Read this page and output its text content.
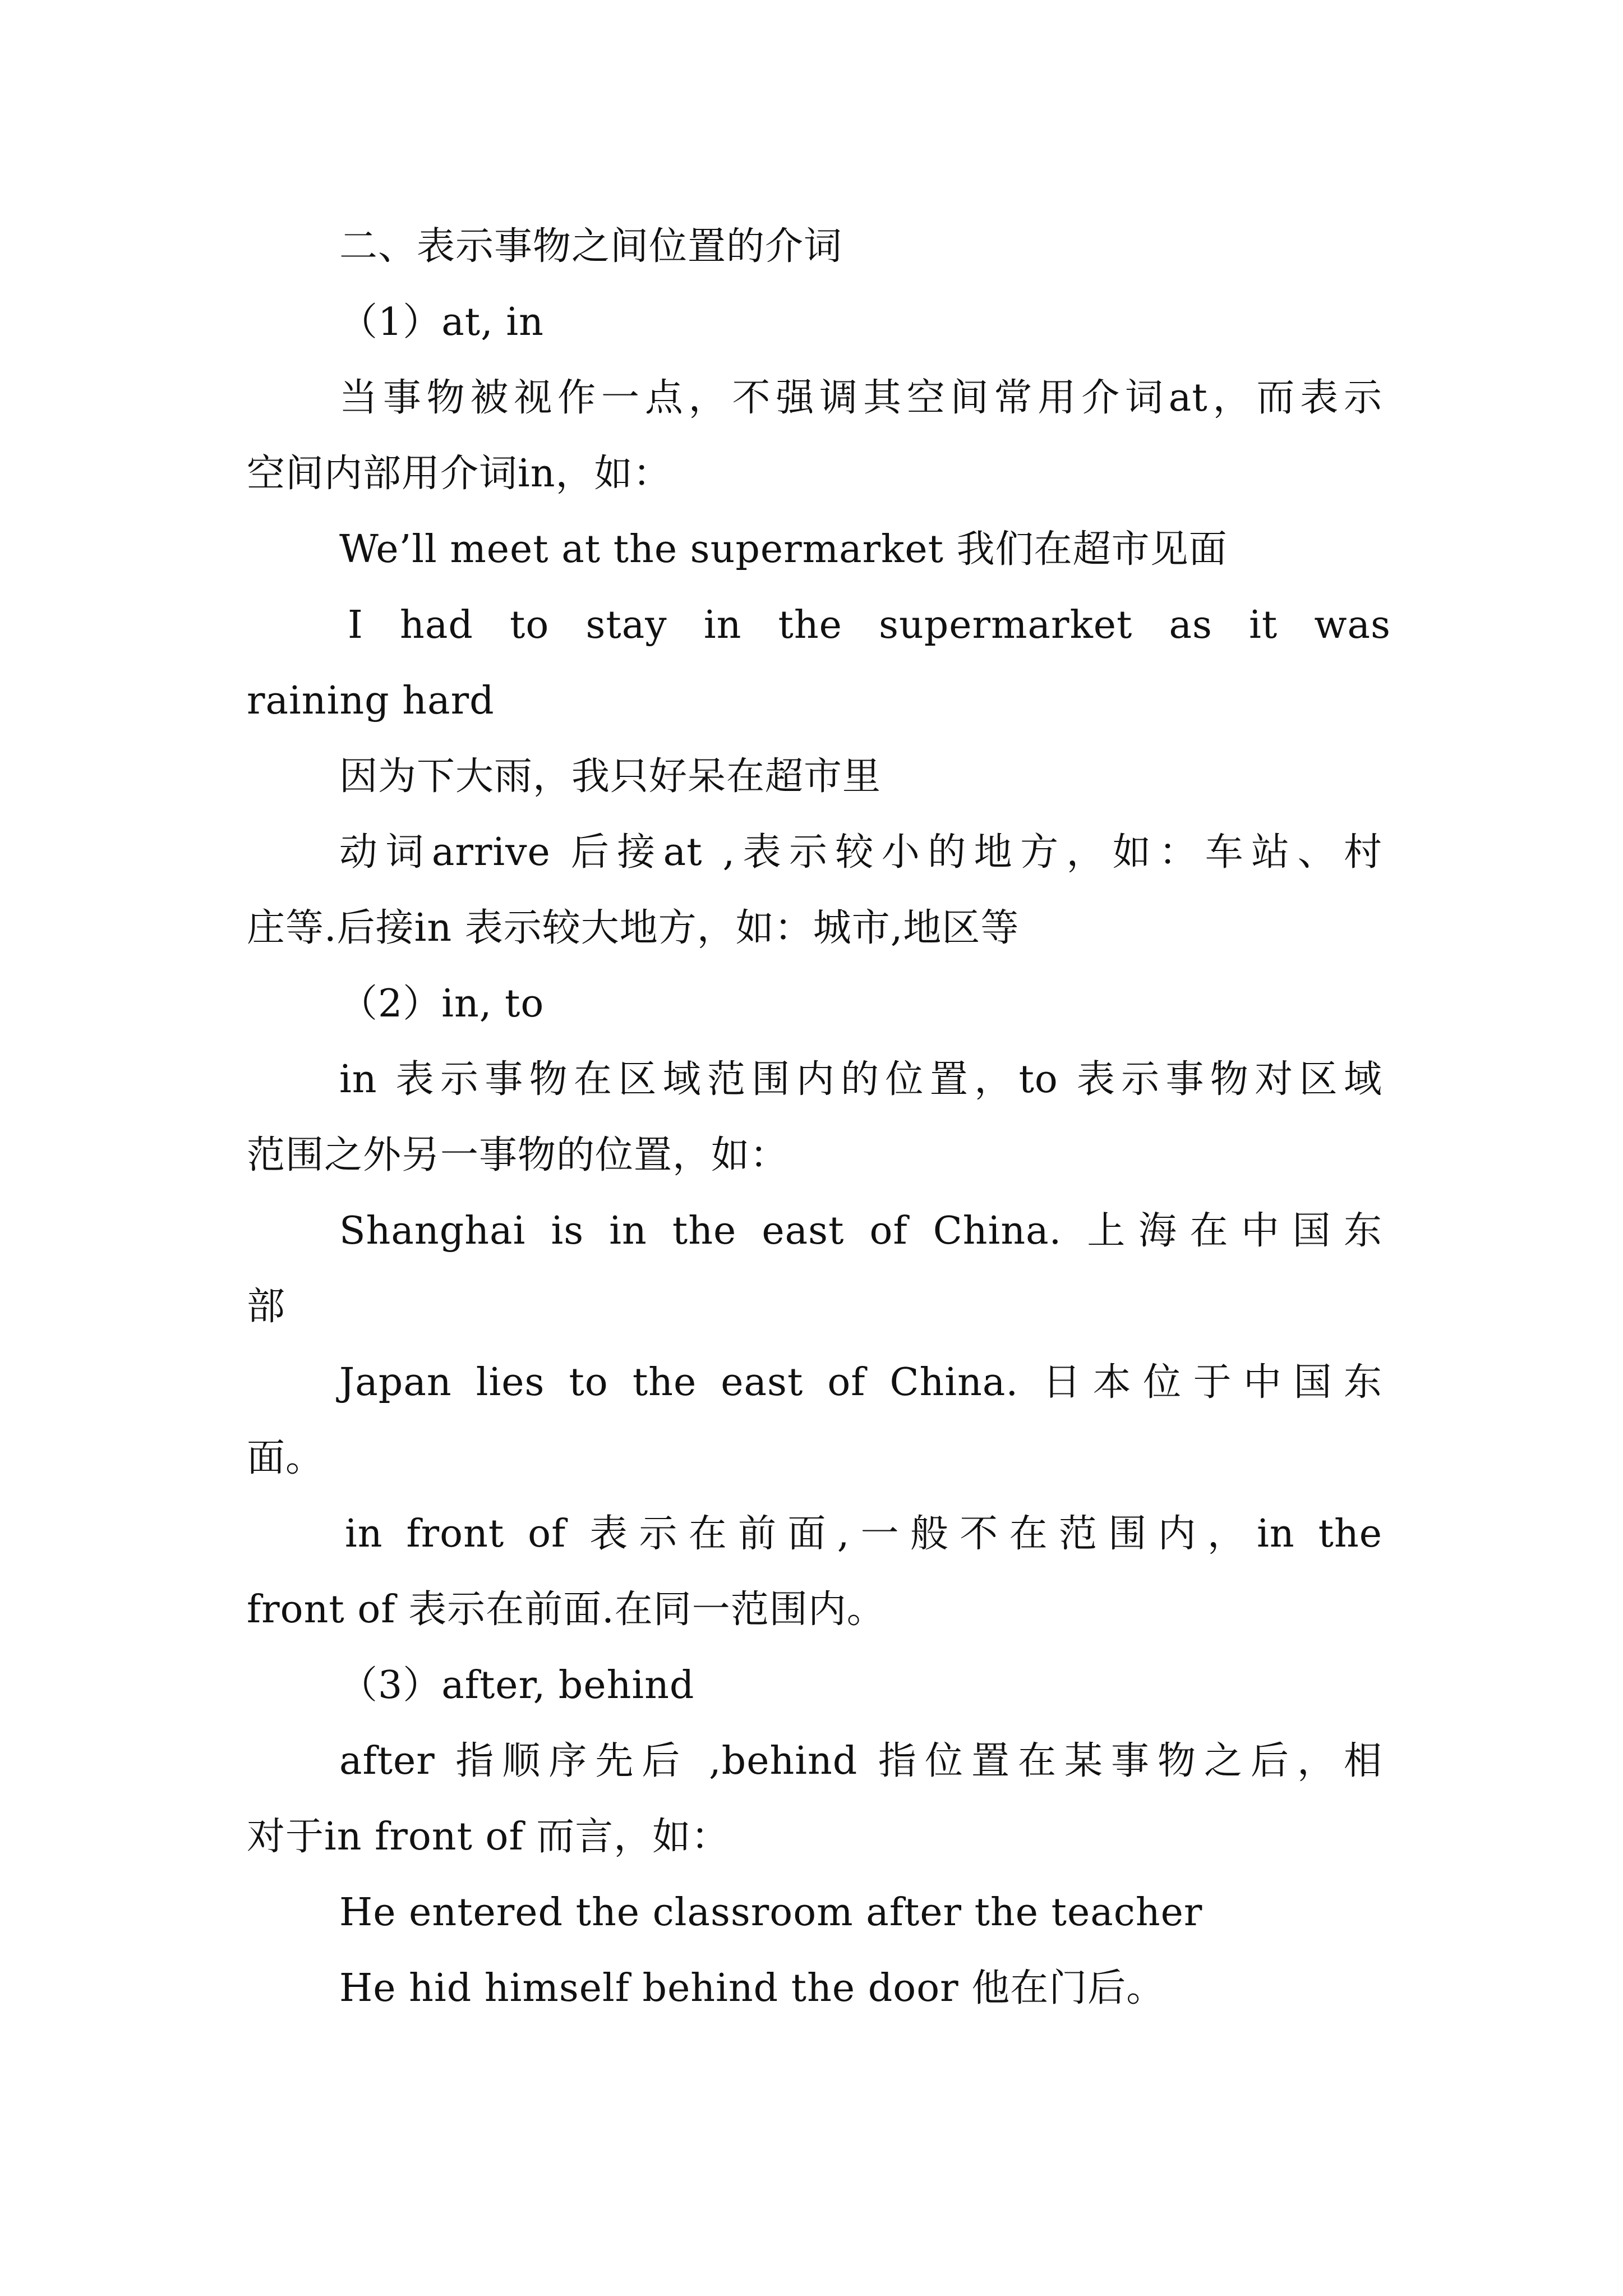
二、表示事物之间位置的介词

（1）at, in

当事物被视作一点，不强调其空间常用介词at，而表示

空间内部用介词in，如：

We’ll meet at the supermarket 我们在超市见面

I had to stay in the supermarket as it was

raining hard

因为下大雨，我只好呆在超市里

动词arrive 后接at ,表示较小的地方，如：车站、村

庄等.后接in 表示较大地方，如：城市,地区等

（2）in, to

in 表示事物在区域范围内的位置，to 表示事物对区域

范围之外另一事物的位置，如：

Shanghai is in the east of China. 上海在中国东

部

Japan lies to the east of China. 日本位于中国东

面。

in front of 表示在前面,一般不在范围内，in the

front of 表示在前面.在同一范围内。

（3）after, behind

after 指顺序先后 ,behind 指位置在某事物之后，相

对于in front of 而言，如：

He entered the classroom after the teacher

He hid himself behind the door 他在门后。
